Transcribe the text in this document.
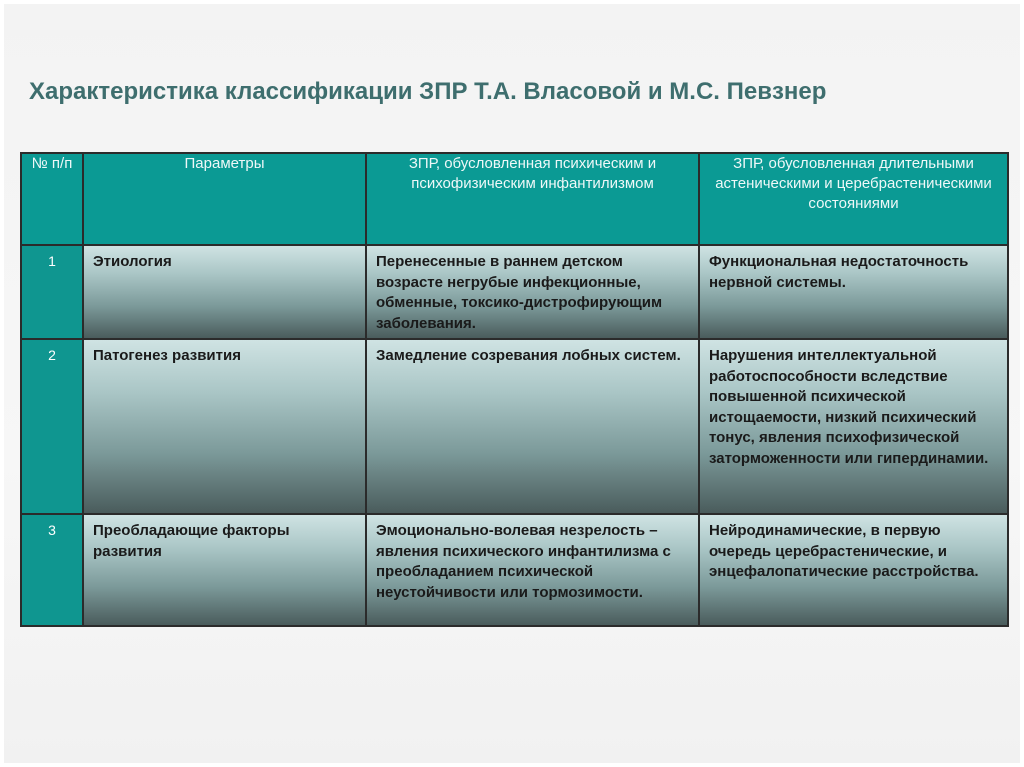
Характеристика классификации ЗПР Т.А. Власовой и М.С. Певзнер
№ п/п	Параметры	ЗПР, обусловленная психическим и психофизическим инфантилизмом	ЗПР, обусловленная длительными астеническими и церебрастеническими состояниями

1	Этиология	Перенесенные в раннем детском возрасте негрубые инфекционные, обменные, токсико-дистрофирующим заболевания.	Функциональная недостаточность нервной системы.

2	Патогенез развития	Замедление созревания лобных систем.	Нарушения интеллектуальной работоспособности вследствие повышенной психической истощаемости, низкий психический тонус, явления психофизической заторможенности или гипердинамии.

3	Преобладающие факторы развития	Эмоционально-волевая незрелость – явления психического инфантилизма с преобладанием психической неустойчивости или тормозимости.	Нейродинамические, в первую очередь церебрастенические, и энцефалопатические расстройства.
